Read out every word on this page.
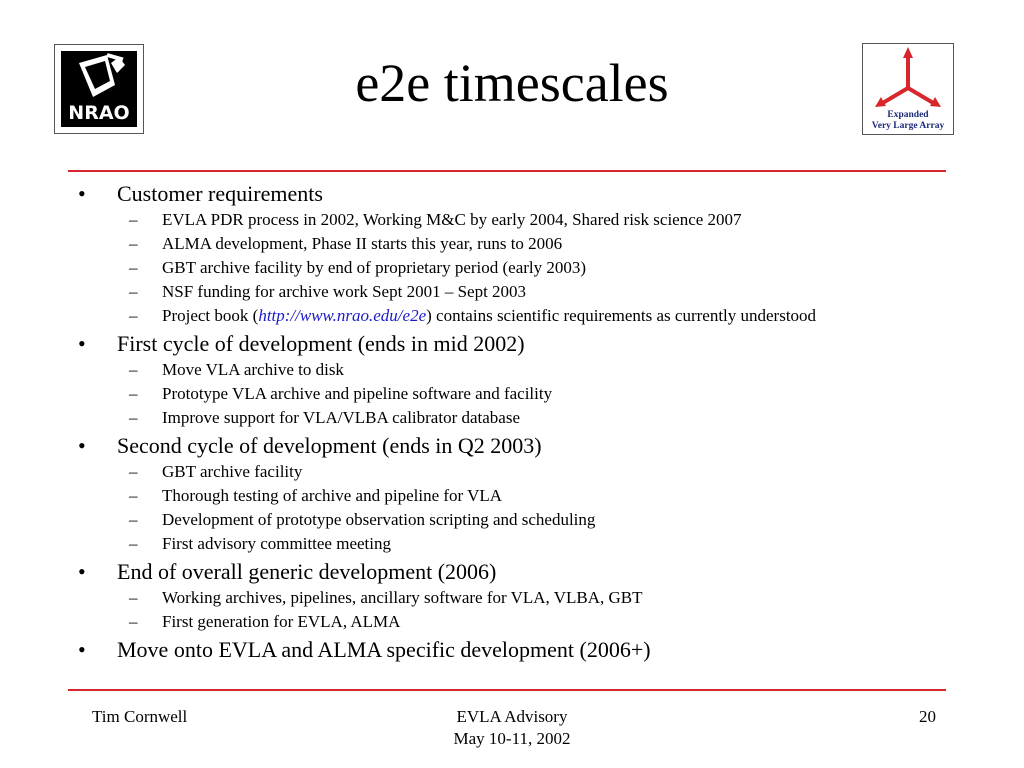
NRAO	e2e timescales
Expanded
Very Large Array
• Customer requirements
– EVLA PDR process in 2002, Working M&C by early 2004, Shared risk science 2007
– ALMA development, Phase II starts this year, runs to 2006
– GBT archive facility by end of proprietary period (early 2003)
– NSF funding for archive work Sept 2001 – Sept 2003
– Project book (http://www.nrao.edu/e2e) contains scientific requirements as currently understood
• First cycle of development (ends in mid 2002)
– Move VLA archive to disk
– Prototype VLA archive and pipeline software and facility
– Improve support for VLA/VLBA calibrator database
• Second cycle of development (ends in Q2 2003)
– GBT archive facility
– Thorough testing of archive and pipeline for VLA
– Development of prototype observation scripting and scheduling
– First advisory committee meeting
• End of overall generic development (2006)
– Working archives, pipelines, ancillary software for VLA, VLBA, GBT
– First generation for EVLA, ALMA
• Move onto EVLA and ALMA specific development (2006+)
Tim Cornwell	EVLA Advisory
May 10-11, 2002
20
